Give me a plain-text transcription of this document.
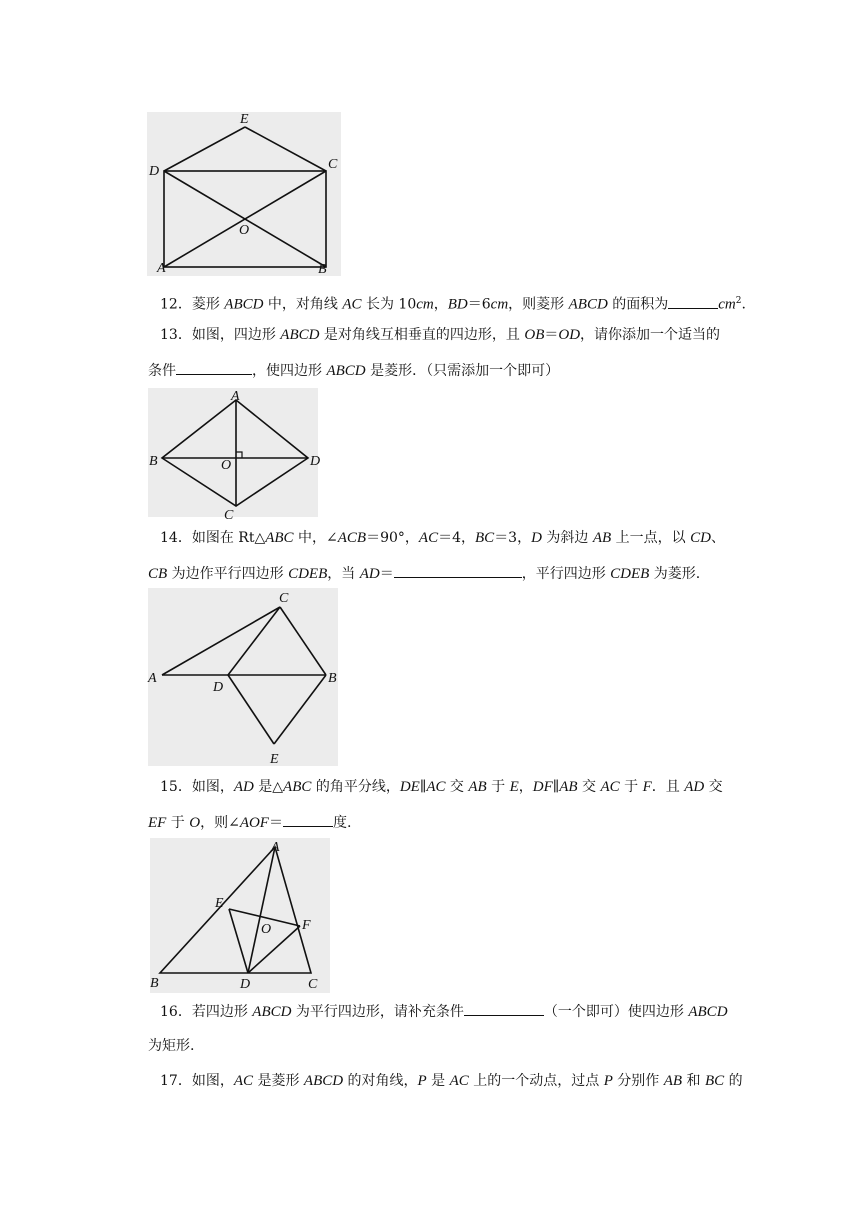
E
D	C
O
A	B
12．菱形 ABCD 中，对角线 AC 长为 10cm，BD＝6cm，则菱形 ABCD 的面积为	$cm^2$.
13．如图，四边形 ABCD 是对角线互相垂直的四边形，且 OB＝OD，请你添加一个适当的
条件	，使四边形 ABCD 是菱形．（只需添加一个即可）
A
B	O	D
C
14．如图在 Rt△ABC 中，∠ACB＝90°，AC＝4，BC＝3，D 为斜边 AB 上一点，以 CD、
CB 为边作平行四边形 CDEB，当 AD＝	，平行四边形 CDEB 为菱形.
C
A
D
B
E
15．如图，AD 是△ABC 的角平分线，DE∥AC 交 AB 于 E，DF∥AB 交 AC 于 F．且 AD 交
EF 于 O，则∠AOF＝	度.
A
E
O F
B	D	C
16．若四边形 ABCD 为平行四边形，请补充条件	（一个即可）使四边形 ABCD
为矩形.
17．如图，AC 是菱形 ABCD 的对角线，P 是 AC 上的一个动点，过点 P 分别作 AB 和 BC 的
